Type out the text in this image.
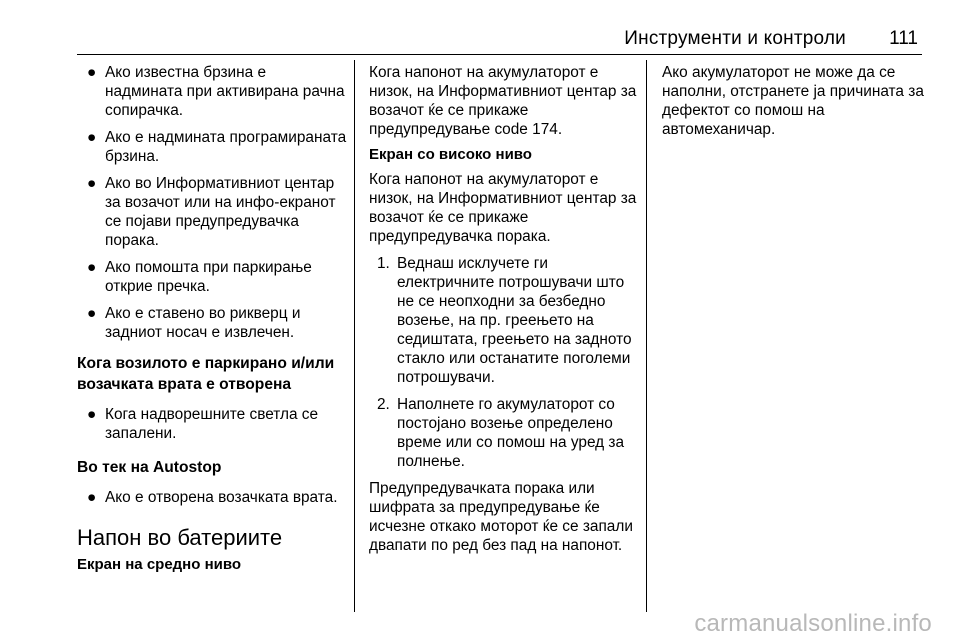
Инструменти и контроли 111
● Ако известна брзина е надмината при активирана рачна сопирачка.
● Ако е надмината програмираната брзина.
● Ако во Информативниот центар за возачот или на инфо-екранот се појави предупредувачка порака.
● Ако помошта при паркирање открие пречка.
● Ако е ставено во рикверц и задниот носач е извлечен.
Кога возилото е паркирано и/или возачката врата е отворена
● Кога надворешните светла се запалени.
Во тек на Autostop
● Ако е отворена возачката врата.
Напон во батериите
Екран на средно ниво

Кога напонот на акумулаторот е низок, на Информативниот центар за возачот ќе се прикаже предупредување code 174.

Екран со високо ниво

Кога напонот на акумулаторот е низок, на Информативниот центар за возачот ќе се прикаже предупредувачка порака.

1. Веднаш исклучете ги електричните потрошувачи што не се неопходни за безбедно возење, на пр. греењето на седиштата, греењето на задното стакло или останатите поголеми потрошувачи.
2. Наполнете го акумулаторот со постојано возење определено време или со помош на уред за полнење.

Предупредувачката порака или шифрата за предупредување ќе исчезне откако моторот ќе се запали двапати по ред без пад на напонот.

Ако акумулаторот не може да се наполни, отстранете ја причината за дефектот со помош на автомеханичар.

carmanualsonline.info
